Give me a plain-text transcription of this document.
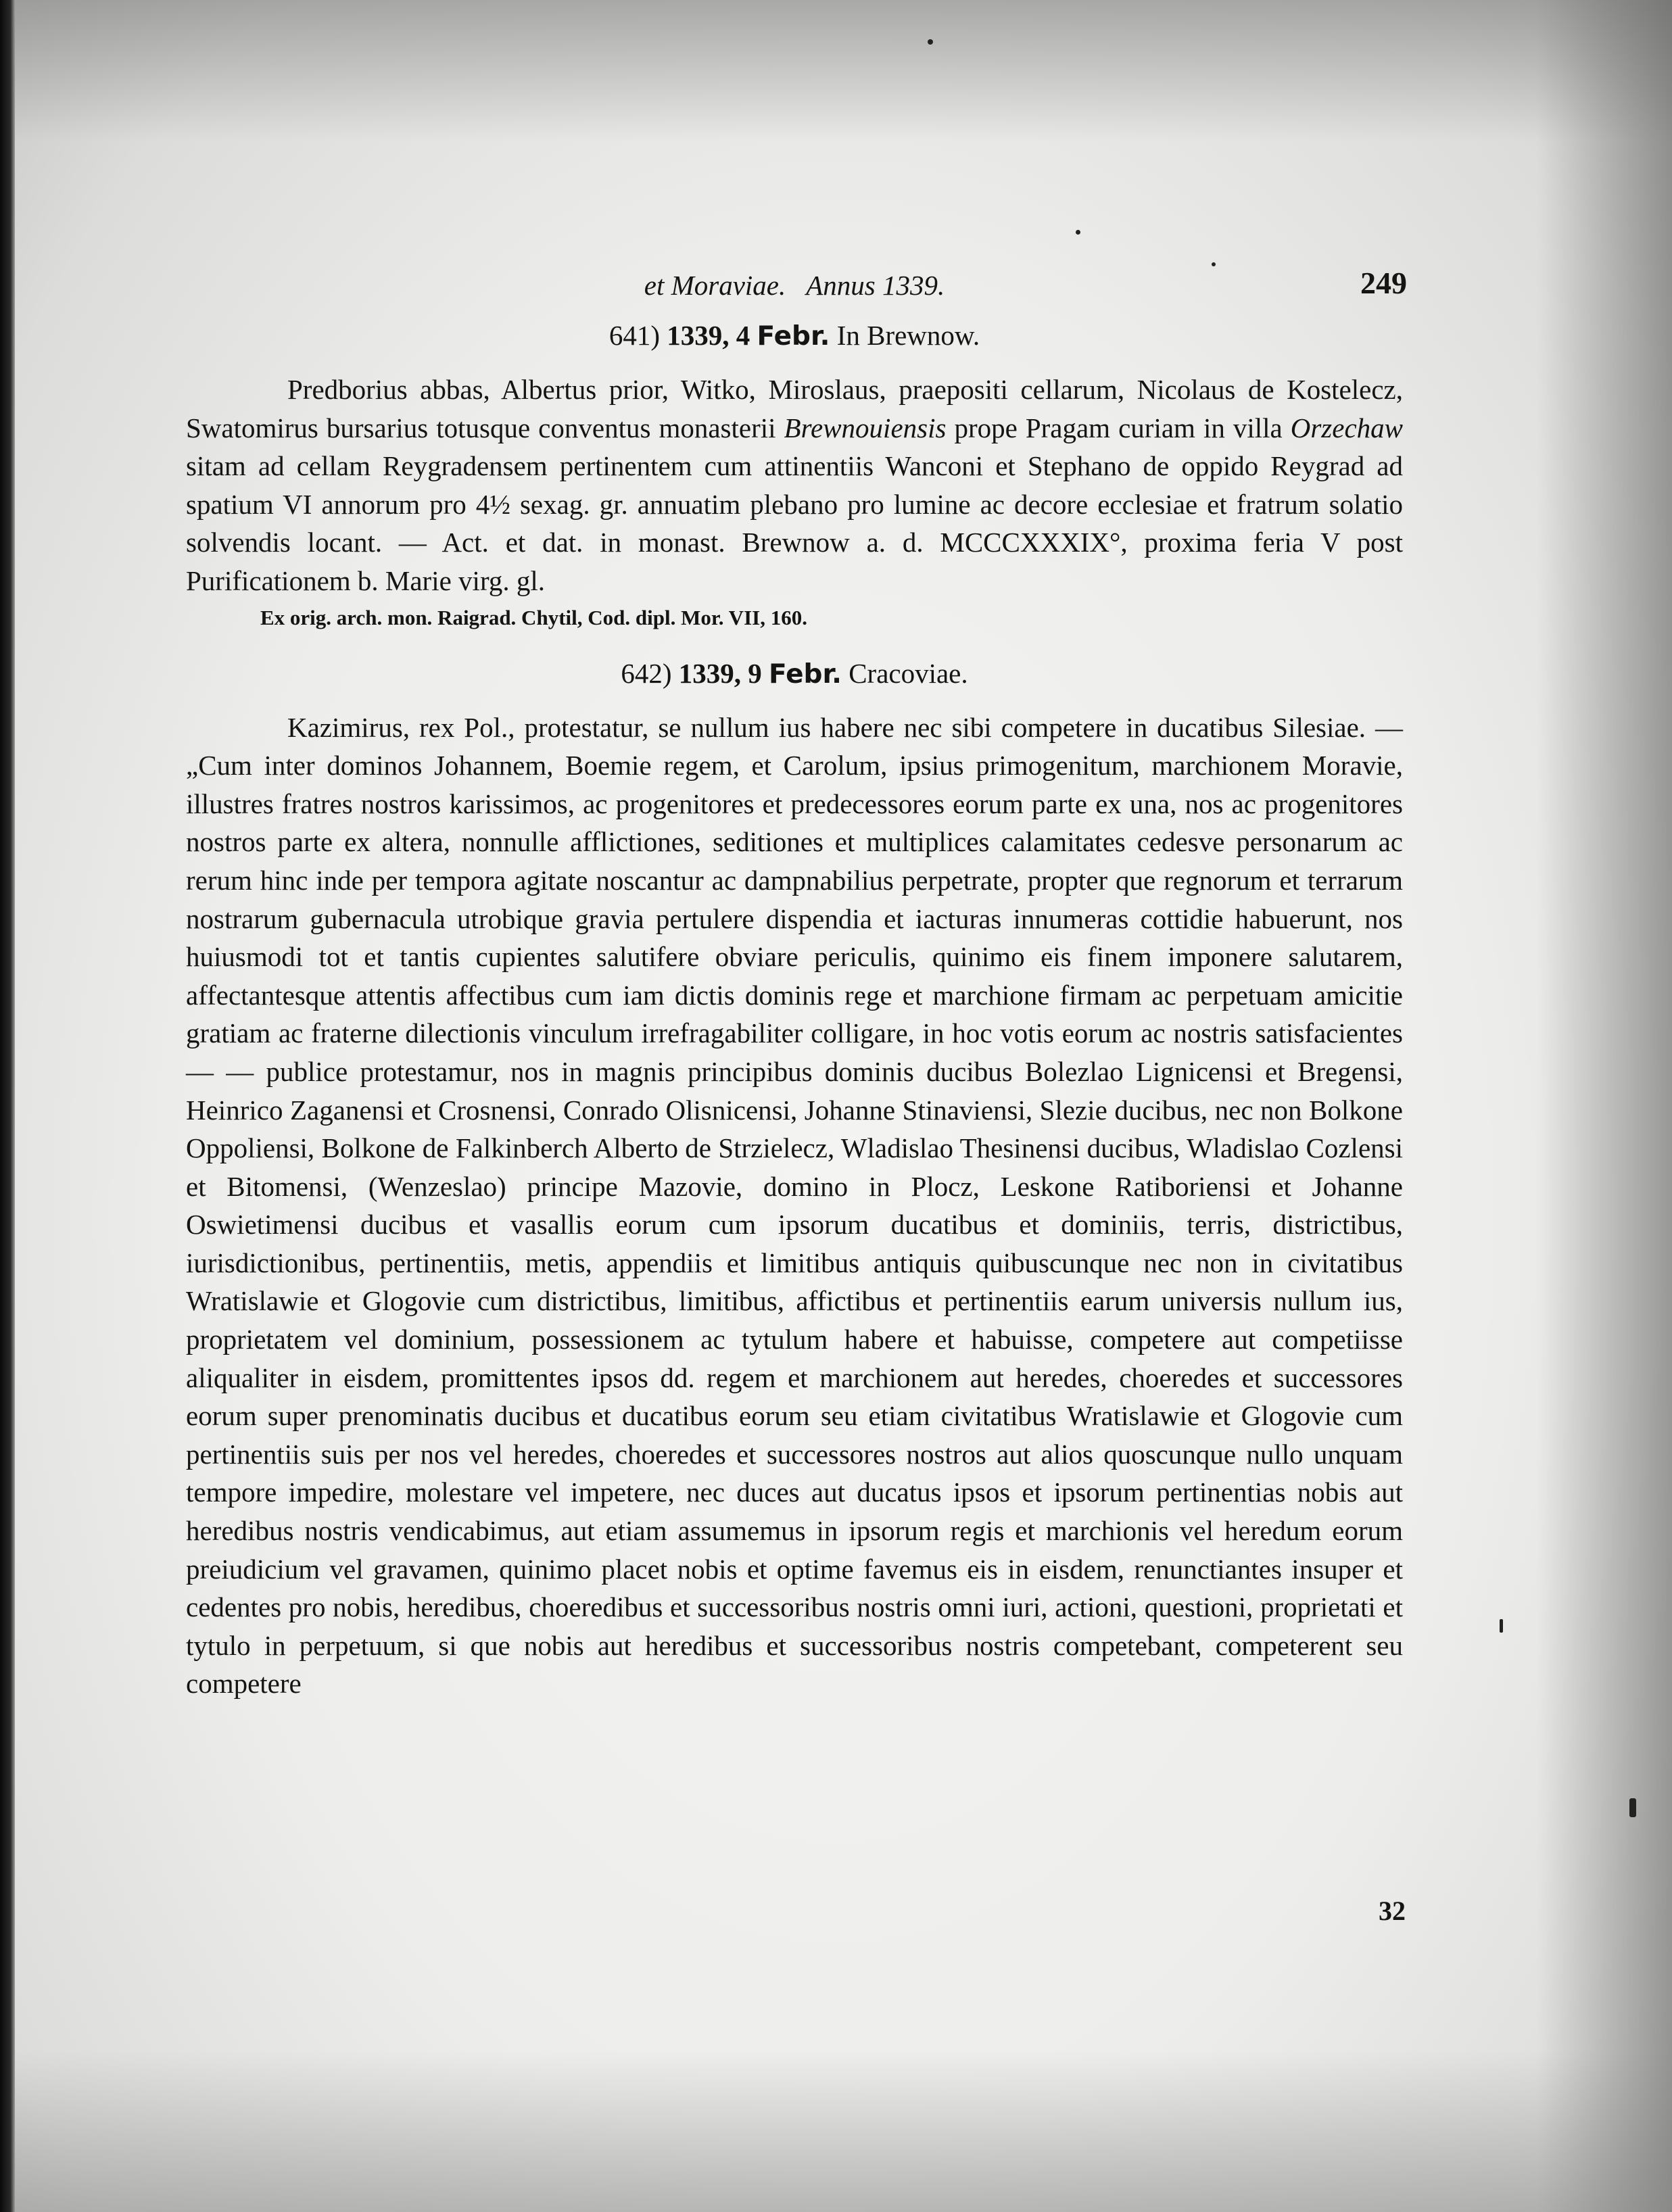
et Moraviae. Annus 1339.	249
641) 1339, 4 Febr. In Brewnow.

Predborius abbas, Albertus prior, Witko, Miroslaus, praepositi cellarum, Nicolaus de Kostelecz, Swatomirus bursarius totusque conventus monasterii Brewnouiensis prope Pragam curiam in villa Orzechaw sitam ad cellam Reygradensem pertinentem cum attinentiis Wanconi et Stephano de oppido Reygrad ad spatium VI annorum pro 4½ sexag. gr. annuatim plebano pro lumine ac decore ecclesiae et fratrum solatio solvendis locant. — Act. et dat. in monast. Brewnow a. d. MCCCXXXIX°, proxima feria V post Purificationem b. Marie virg. gl.

Ex orig. arch. mon. Raigrad. Chytil, Cod. dipl. Mor. VII, 160.
642) 1339, 9 Febr. Cracoviae.

Kazimirus, rex Pol., protestatur, se nullum ius habere nec sibi competere in ducatibus Silesiae. — „Cum inter dominos Johannem, Boemie regem, et Carolum, ipsius primogenitum, marchionem Moravie, illustres fratres nostros karissimos, ac progenitores et predecessores eorum parte ex una, nos ac progenitores nostros parte ex altera, nonnulle afflictiones, seditiones et multiplices calamitates cedesve personarum ac rerum hinc inde per tempora agitate noscantur ac dampnabilius perpetrate, propter que regnorum et terrarum nostrarum gubernacula utrobique gravia pertulere dispendia et iacturas innumeras cottidie habuerunt, nos huiusmodi tot et tantis cupientes salutifere obviare periculis, quinimo eis finem imponere salutarem, affectantesque attentis affectibus cum iam dictis dominis rege et marchione firmam ac perpetuam amicitie gratiam ac fraterne dilectionis vinculum irrefragabiliter colligare, in hoc votis eorum ac nostris satisfacientes — — publice protestamur, nos in magnis principibus dominis ducibus Bolezlao Lignicensi et Bregensi, Heinrico Zaganensi et Crosnensi, Conrado Olisnicensi, Johanne Stinaviensi, Slezie ducibus, nec non Bolkone Oppoliensi, Bolkone de Falkinberch Alberto de Strzielecz, Wladislao Thesinensi ducibus, Wladislao Cozlensi et Bitomensi, (Wenzeslao) principe Mazovie, domino in Plocz, Leskone Ratiboriensi et Johanne Oswietimensi ducibus et vasallis eorum cum ipsorum ducatibus et dominiis, terris, districtibus, iurisdictionibus, pertinentiis, metis, appendiis et limitibus antiquis quibuscunque nec non in civitatibus Wratislawie et Glogovie cum districtibus, limitibus, affictibus et pertinentiis earum universis nullum ius, proprietatem vel dominium, possessionem ac tytulum habere et habuisse, competere aut competiisse aliqualiter in eisdem, promittentes ipsos dd. regem et marchionem aut heredes, choeredes et successores eorum super prenominatis ducibus et ducatibus eorum seu etiam civitatibus Wratislawie et Glogovie cum pertinentiis suis per nos vel heredes, choeredes et successores nostros aut alios quoscunque nullo unquam tempore impedire, molestare vel impetere, nec duces aut ducatus ipsos et ipsorum pertinentias nobis aut heredibus nostris vendicabimus, aut etiam assumemus in ipsorum regis et marchionis vel heredum eorum preiudicium vel gravamen, quinimo placet nobis et optime favemus eis in eisdem, renunctiantes insuper et cedentes pro nobis, heredibus, choeredibus et successoribus nostris omni iuri, actioni, questioni, proprietati et tytulo in perpetuum, si que nobis aut heredibus et successoribus nostris competebant, competerent seu competere

32
